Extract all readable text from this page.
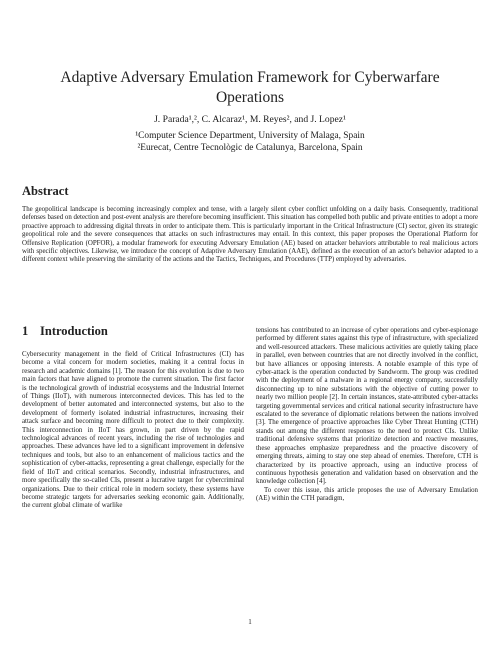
Adaptive Adversary Emulation Framework for Cyberwarfare Operations
J. Parada¹,², C. Alcaraz¹, M. Reyes², and J. Lopez¹
¹Computer Science Department, University of Malaga, Spain
²Eurecat, Centre Tecnològic de Catalunya, Barcelona, Spain
Abstract
The geopolitical landscape is becoming increasingly complex and tense, with a largely silent cyber conflict unfolding on a daily basis. Consequently, traditional defenses based on detection and post-event analysis are therefore becoming insufficient. This situation has compelled both public and private entities to adopt a more proactive approach to addressing digital threats in order to anticipate them. This is particularly important in the Critical Infrastructure (CI) sector, given its strategic geopolitical role and the severe consequences that attacks on such infrastructures may entail. In this context, this paper proposes the Operational Platform for Offensive Replication (OPFOR), a modular framework for executing Adversary Emulation (AE) based on attacker behaviors attributable to real malicious actors with specific objectives. Likewise, we introduce the concept of Adaptive Adversary Emulation (AAE), defined as the execution of an actor's behavior adapted to a different context while preserving the similarity of the actions and the Tactics, Techniques, and Procedures (TTP) employed by adversaries.
1 Introduction
Cybersecurity management in the field of Critical Infrastructures (CI) has become a vital concern for modern societies, making it a central focus in research and academic domains [1]. The reason for this evolution is due to two main factors that have aligned to promote the current situation. The first factor is the technological growth of industrial ecosystems and the Industrial Internet of Things (IIoT), with numerous interconnected devices. This has led to the development of better automated and interconnected systems, but also to the development of formerly isolated industrial infrastructures, increasing their attack surface and becoming more difficult to protect due to their complexity. This interconnection in IIoT has grown, in part driven by the rapid technological advances of recent years, including the rise of technologies and approaches. These advances have led to a significant improvement in defensive techniques and tools, but also to an enhancement of malicious tactics and the sophistication of cyber-attacks, representing a great challenge, especially for the field of IIoT and critical scenarios. Secondly, industrial infrastructures, and more specifically the so-called CIs, present a lucrative target for cybercriminal organizations. Due to their critical role in modern society, these systems have become strategic targets for adversaries seeking economic gain. Additionally, the current global climate of warlike
tensions has contributed to an increase of cyber operations and cyber-espionage performed by different states against this type of infrastructure, with specialized and well-resourced attackers. These malicious activities are quietly taking place in parallel, even between countries that are not directly involved in the conflict, but have alliances or opposing interests. A notable example of this type of cyber-attack is the operation conducted by Sandworm. The group was credited with the deployment of a malware in a regional energy company, successfully disconnecting up to nine substations with the objective of cutting power to nearly two million people [2]. In certain instances, state-attributed cyber-attacks targeting governmental services and critical national security infrastructure have escalated to the severance of diplomatic relations between the nations involved [3]. The emergence of proactive approaches like Cyber Threat Hunting (CTH) stands out among the different responses to the need to protect CIs. Unlike traditional defensive systems that prioritize detection and reactive measures, these approaches emphasize preparedness and the proactive discovery of emerging threats, aiming to stay one step ahead of enemies. Therefore, CTH is characterized by its proactive approach, using an inductive process of continuous hypothesis generation and validation based on observation and the knowledge collection [4].
To cover this issue, this article proposes the use of Adversary Emulation (AE) within the CTH paradigm,
1
